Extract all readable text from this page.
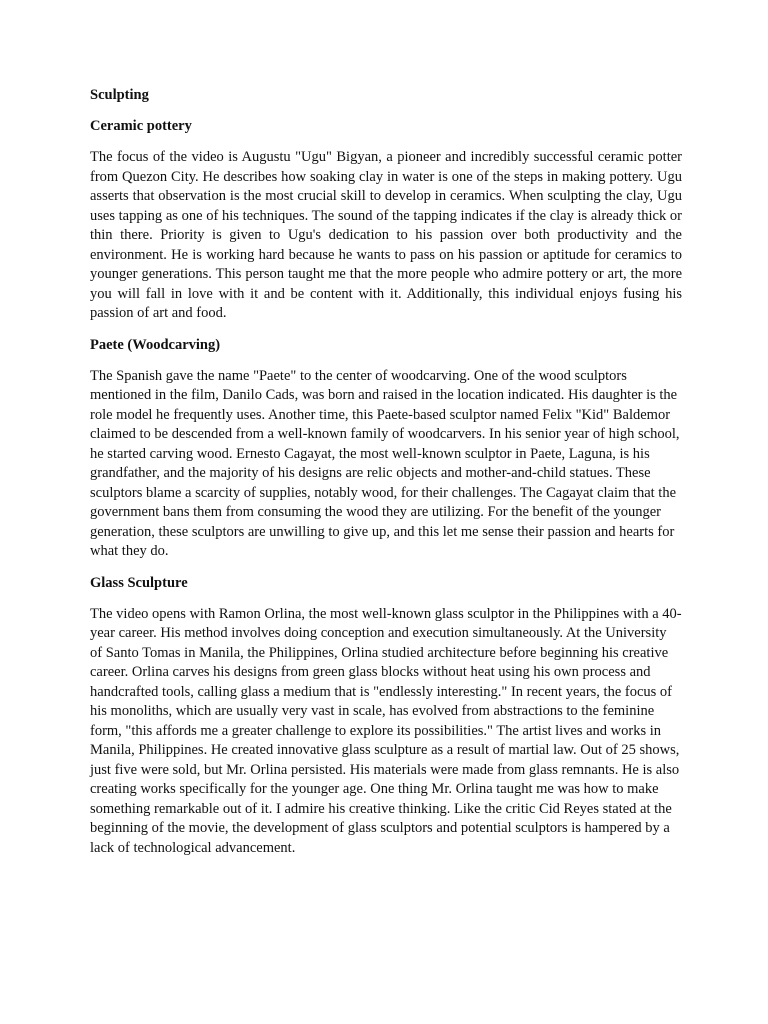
Sculpting
Ceramic pottery

The focus of the video is Augustu "Ugu" Bigyan, a pioneer and incredibly successful ceramic potter from Quezon City. He describes how soaking clay in water is one of the steps in making pottery. Ugu asserts that observation is the most crucial skill to develop in ceramics. When sculpting the clay, Ugu uses tapping as one of his techniques. The sound of the tapping indicates if the clay is already thick or thin there. Priority is given to Ugu's dedication to his passion over both productivity and the environment. He is working hard because he wants to pass on his passion or aptitude for ceramics to younger generations. This person taught me that the more people who admire pottery or art, the more you will fall in love with it and be content with it. Additionally, this individual enjoys fusing his passion of art and food.

Paete (Woodcarving)

The Spanish gave the name "Paete" to the center of woodcarving. One of the wood sculptors mentioned in the film, Danilo Cads, was born and raised in the location indicated. His daughter is the role model he frequently uses. Another time, this Paete-based sculptor named Felix "Kid" Baldemor claimed to be descended from a well-known family of woodcarvers. In his senior year of high school, he started carving wood. Ernesto Cagayat, the most well-known sculptor in Paete, Laguna, is his grandfather, and the majority of his designs are relic objects and mother-and-child statues. These sculptors blame a scarcity of supplies, notably wood, for their challenges. The Cagayat claim that the government bans them from consuming the wood they are utilizing. For the benefit of the younger generation, these sculptors are unwilling to give up, and this let me sense their passion and hearts for what they do.

Glass Sculpture

The video opens with Ramon Orlina, the most well-known glass sculptor in the Philippines with a 40-year career. His method involves doing conception and execution simultaneously. At the University of Santo Tomas in Manila, the Philippines, Orlina studied architecture before beginning his creative career. Orlina carves his designs from green glass blocks without heat using his own process and handcrafted tools, calling glass a medium that is "endlessly interesting." In recent years, the focus of his monoliths, which are usually very vast in scale, has evolved from abstractions to the feminine form, "this affords me a greater challenge to explore its possibilities." The artist lives and works in Manila, Philippines. He created innovative glass sculpture as a result of martial law. Out of 25 shows, just five were sold, but Mr. Orlina persisted. His materials were made from glass remnants. He is also creating works specifically for the younger age. One thing Mr. Orlina taught me was how to make something remarkable out of it. I admire his creative thinking. Like the critic Cid Reyes stated at the beginning of the movie, the development of glass sculptors and potential sculptors is hampered by a lack of technological advancement.
